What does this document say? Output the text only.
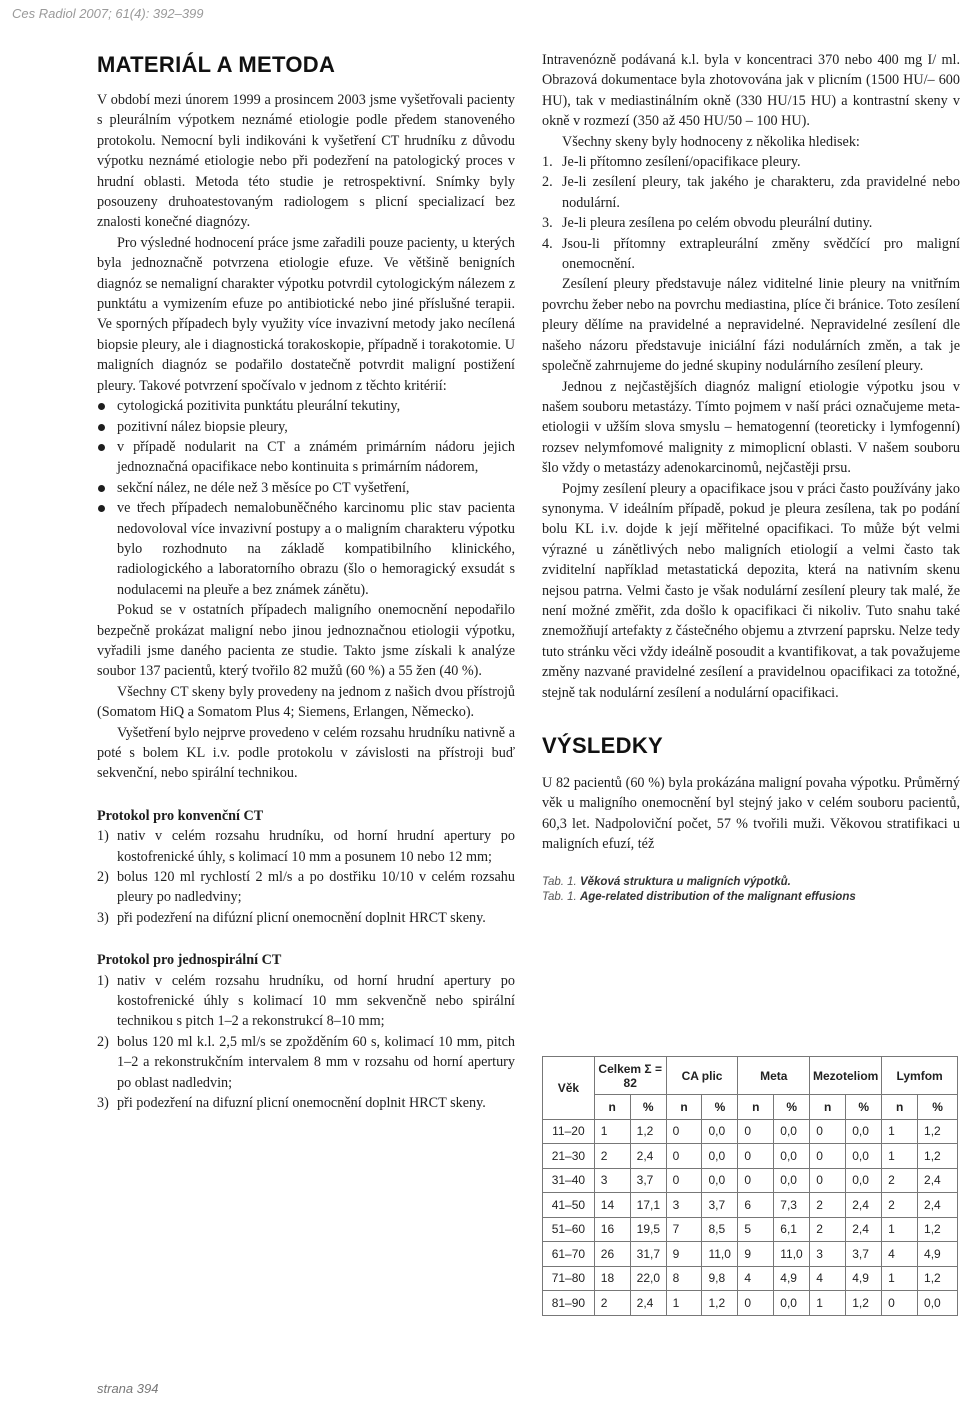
Ces Radiol 2007; 61(4): 392–399
MATERIÁL A METODA

V období mezi únorem 1999 a prosincem 2003 jsme vyšetřovali pacienty s pleurálním výpotkem neznámé etiologie podle předem stanoveného protokolu. Nemocní byli indikováni k vyšetření CT hrudníku z důvodu výpotku neznámé etiologie nebo při podezření na patologický proces v hrudní oblasti. Metoda této studie je retrospektivní. Snímky byly posouzeny druhoatestovaným radiologem s plicní specializací bez znalosti konečné diagnózy.

Pro výsledné hodnocení práce jsme zařadili pouze pacienty, u kterých byla jednoznačně potvrzena etiologie efuze. Ve většině benigních diagnóz se nemaligní charakter výpotku potvrdil cytologickým nálezem z punktátu a vymizením efuze po antibiotické nebo jiné příslušné terapii. Ve sporných případech byly využity více invazivní metody jako necílená biopsie pleury, ale i diagnostická torakoskopie, případně i torakotomie. U maligních diagnóz se podařilo dostatečně potvrdit maligní postižení pleury. Takové potvrzení spočívalo v jednom z těchto kritérií:

cytologická pozitivita punktátu pleurální tekutiny,
pozitivní nález biopsie pleury,
v případě nodularit na CT a známém primárním nádoru jejich jednoznačná opacifikace nebo kontinuita s primárním nádorem,
sekční nález, ne déle než 3 měsíce po CT vyšetření,
ve třech případech nemalobuněčného karcinomu plic stav pacienta nedovoloval více invazivní postupy a o maligním charakteru výpotku bylo rozhodnuto na základě kompatibilního klinického, radiologického a laboratorního obrazu (šlo o hemoragický exsudát s nodulacemi na pleuře a bez známek zánětu).

Pokud se v ostatních případech maligního onemocnění nepodařilo bezpečně prokázat maligní nebo jinou jednoznačnou etiologii výpotku, vyřadili jsme daného pacienta ze studie. Takto jsme získali k analýze soubor 137 pacientů, který tvořilo 82 mužů (60 %) a 55 žen (40 %).

Všechny CT skeny byly provedeny na jednom z našich dvou přístrojů (Somatom HiQ a Somatom Plus 4; Siemens, Erlangen, Německo).

Vyšetření bylo nejprve provedeno v celém rozsahu hrudníku nativně a poté s bolem KL i.v. podle protokolu v závislosti na přístroji buď sekvenční, nebo spirální technikou.

Protokol pro konvenční CT
1) nativ v celém rozsahu hrudníku, od horní hrudní apertury po kostofrenické úhly, s kolimací 10 mm a posunem 10 nebo 12 mm;
2) bolus 120 ml rychlostí 2 ml/s a po dostřiku 10/10 v celém rozsahu pleury po nadledviny;
3) při podezření na difúzní plicní onemocnění doplnit HRCT skeny.
Protokol pro jednospirální CT
1) nativ v celém rozsahu hrudníku, od horní hrudní apertury po kostofrenické úhly s kolimací 10 mm sekvenčně nebo spirální technikou s pitch 1–2 a rekonstrukcí 8–10 mm;
2) bolus 120 ml k.l. 2,5 ml/s se zpožděním 60 s, kolimací 10 mm, pitch 1–2 a rekonstrukčním intervalem 8 mm v rozsahu od horní apertury po oblast nadledvin;
3) při podezření na difuzní plicní onemocnění doplnit HRCT skeny.

Intravenózně podávaná k.l. byla v koncentraci 370 nebo 400 mg I/ ml. Obrazová dokumentace byla zhotovována jak v plicním (1500 HU/– 600 HU), tak v mediastinálním okně (330 HU/15 HU) a kontrastní skeny v okně v rozmezí (350 až 450 HU/50 – 100 HU).

Všechny skeny byly hodnoceny z několika hledisek:

1. Je-li přítomno zesílení/opacifikace pleury.
2. Je-li zesílení pleury, tak jakého je charakteru, zda pravidelné nebo nodulární.
3. Je-li pleura zesílena po celém obvodu pleurální dutiny.
4. Jsou-li přítomny extrapleurální změny svědčící pro maligní onemocnění.

Zesílení pleury představuje nález viditelné linie pleury na vnitřním povrchu žeber nebo na povrchu mediastina, plíce či bránice. Toto zesílení pleury dělíme na pravidelné a nepravidelné. Nepravidelné zesílení dle našeho názoru představuje iniciální fázi nodulárních změn, a tak je společně zahrnujeme do jedné skupiny nodulárního zesílení pleury.

Jednou z nejčastějších diagnóz maligní etiologie výpotku jsou v našem souboru metastázy. Tímto pojmem v naší práci označujeme meta-etiologii v užším slova smyslu – hematogenní (teoreticky i lymfogenní) rozsev nelymfomové malignity z mimoplicní oblasti. V našem souboru šlo vždy o metastázy adenokarcinomů, nejčastěji prsu.

Pojmy zesílení pleury a opacifikace jsou v práci často používány jako synonyma. V ideálním případě, pokud je pleura zesílena, tak po podání bolu KL i.v. dojde k její měřitelné opacifikaci. To může být velmi výrazné u zánětlivých nebo maligních etiologií a velmi často tak zviditelní například metastatická depozita, která na nativním skenu nejsou patrna. Velmi často je však nodulární zesílení pleury tak malé, že není možné změřit, zda došlo k opacifikaci či nikoliv. Tuto snahu také znemožňují artefakty z částečného objemu a ztvrzení paprsku. Nelze tedy tuto stránku věci vždy ideálně posoudit a kvantifikovat, a tak považujeme změny nazvané pravidelné zesílení a pravidelnou opacifikaci za totožné, stejně tak nodulární zesílení a nodulární opacifikaci.

VÝSLEDKY

U 82 pacientů (60 %) byla prokázána maligní povaha výpotku. Průměrný věk u maligního onemocnění byl stejný jako v celém souboru pacientů, 60,3 let. Nadpoloviční počet, 57 % tvořili muži. Věkovou stratifikaci u maligních efuzí, též

Tab. 1. Věková struktura u maligních výpotků.
Tab. 1. Age-related distribution of the malignant effusions
Věk	Celkem Σ = 82		CA plic		Meta		Mezoteliom		Lymfom	
	n	%	n	%	n	%	n	%	n	%
11–20	1	1,2	0	0,0	0	0,0	0	0,0	1	1,2
21–30	2	2,4	0	0,0	0	0,0	0	0,0	1	1,2
31–40	3	3,7	0	0,0	0	0,0	0	0,0	2	2,4
41–50	14	17,1	3	3,7	6	7,3	2	2,4	2	2,4
51–60	16	19,5	7	8,5	5	6,1	2	2,4	1	1,2
61–70	26	31,7	9	11,0	9	11,0	3	3,7	4	4,9
71–80	18	22,0	8	9,8	4	4,9	4	4,9	1	1,2
81–90	2	2,4	1	1,2	0	0,0	1	1,2	0	0,0
strana 394
